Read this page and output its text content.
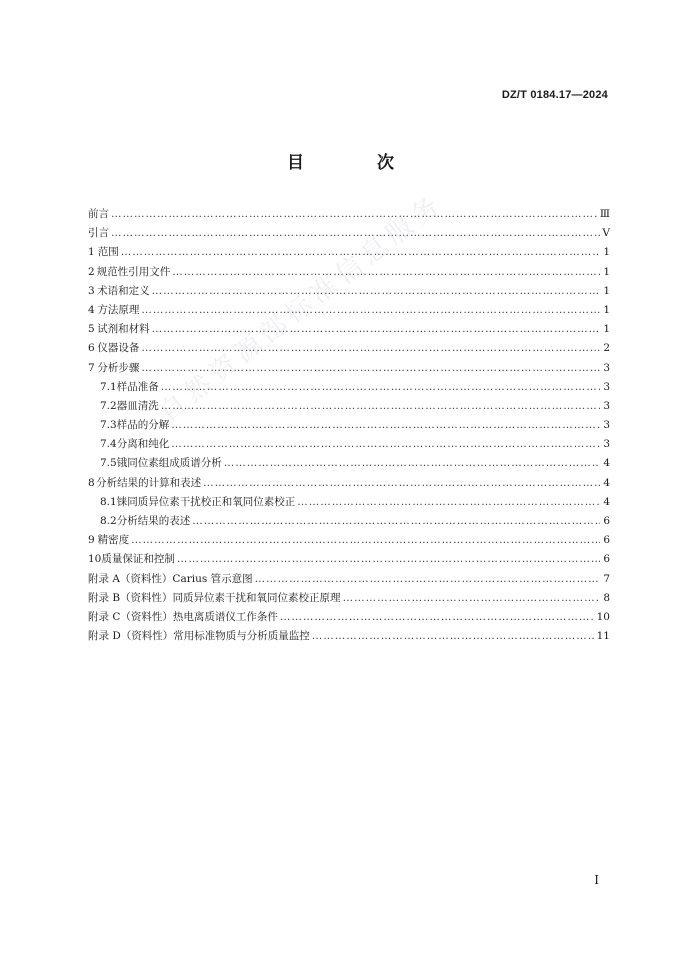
DZ/T 0184.17—2024
目　次
前言 …………………………………………………………………………………………………………………………………………………………………………………………………………………………………	Ⅲ
引言 …………………………………………………………………………………………………………………………………………………………………………………………………………………………………	Ⅴ
1 范围 …………………………………………………………………………………………………………………………………………………………………………………………………………………………………	1
2 规范性引用文件 …………………………………………………………………………………………………………………………………………………………………………………………………………………………………	1
3 术语和定义 …………………………………………………………………………………………………………………………………………………………………………………………………………………………………	1
4 方法原理 …………………………………………………………………………………………………………………………………………………………………………………………………………………………………	1
5 试剂和材料 …………………………………………………………………………………………………………………………………………………………………………………………………………………………………	1
6 仪器设备 …………………………………………………………………………………………………………………………………………………………………………………………………………………………………	2
7 分析步骤 …………………………………………………………………………………………………………………………………………………………………………………………………………………………………	3
7.1 样品准备 …………………………………………………………………………………………………………………………………………………………………………………………………………………………………	3
7.2 器皿清洗 …………………………………………………………………………………………………………………………………………………………………………………………………………………………………	3
7.3 样品的分解 …………………………………………………………………………………………………………………………………………………………………………………………………………………………………	3
7.4 分离和纯化 …………………………………………………………………………………………………………………………………………………………………………………………………………………………………	3
7.5 锇同位素组成质谱分析 …………………………………………………………………………………………………………………………………………………………………………………………………………………………………	4
8 分析结果的计算和表述 …………………………………………………………………………………………………………………………………………………………………………………………………………………………………	4
8.1 铼同质异位素干扰校正和氧同位素校正 …………………………………………………………………………………………………………………………………………………………………………………………………………………………………	4
8.2 分析结果的表述 …………………………………………………………………………………………………………………………………………………………………………………………………………………………………	6
9 精密度 …………………………………………………………………………………………………………………………………………………………………………………………………………………………………	6
10 质量保证和控制 …………………………………………………………………………………………………………………………………………………………………………………………………………………………………	6
附录 A（资料性） Carius 管示意图 …………………………………………………………………………………………………………………………………………………………………………………………………………………………………	7
附录 B（资料性） 同质异位素干扰和氧同位素校正原理 …………………………………………………………………………………………………………………………………………………………………………………………………………………………………	8
附录 C（资料性） 热电离质谱仪工作条件 …………………………………………………………………………………………………………………………………………………………………………………………………………………………………	10
附录 D（资料性） 常用标准物质与分析质量监控 …………………………………………………………………………………………………………………………………………………………………………………………………………………………………	11
自然资源部标准信息服务
I
